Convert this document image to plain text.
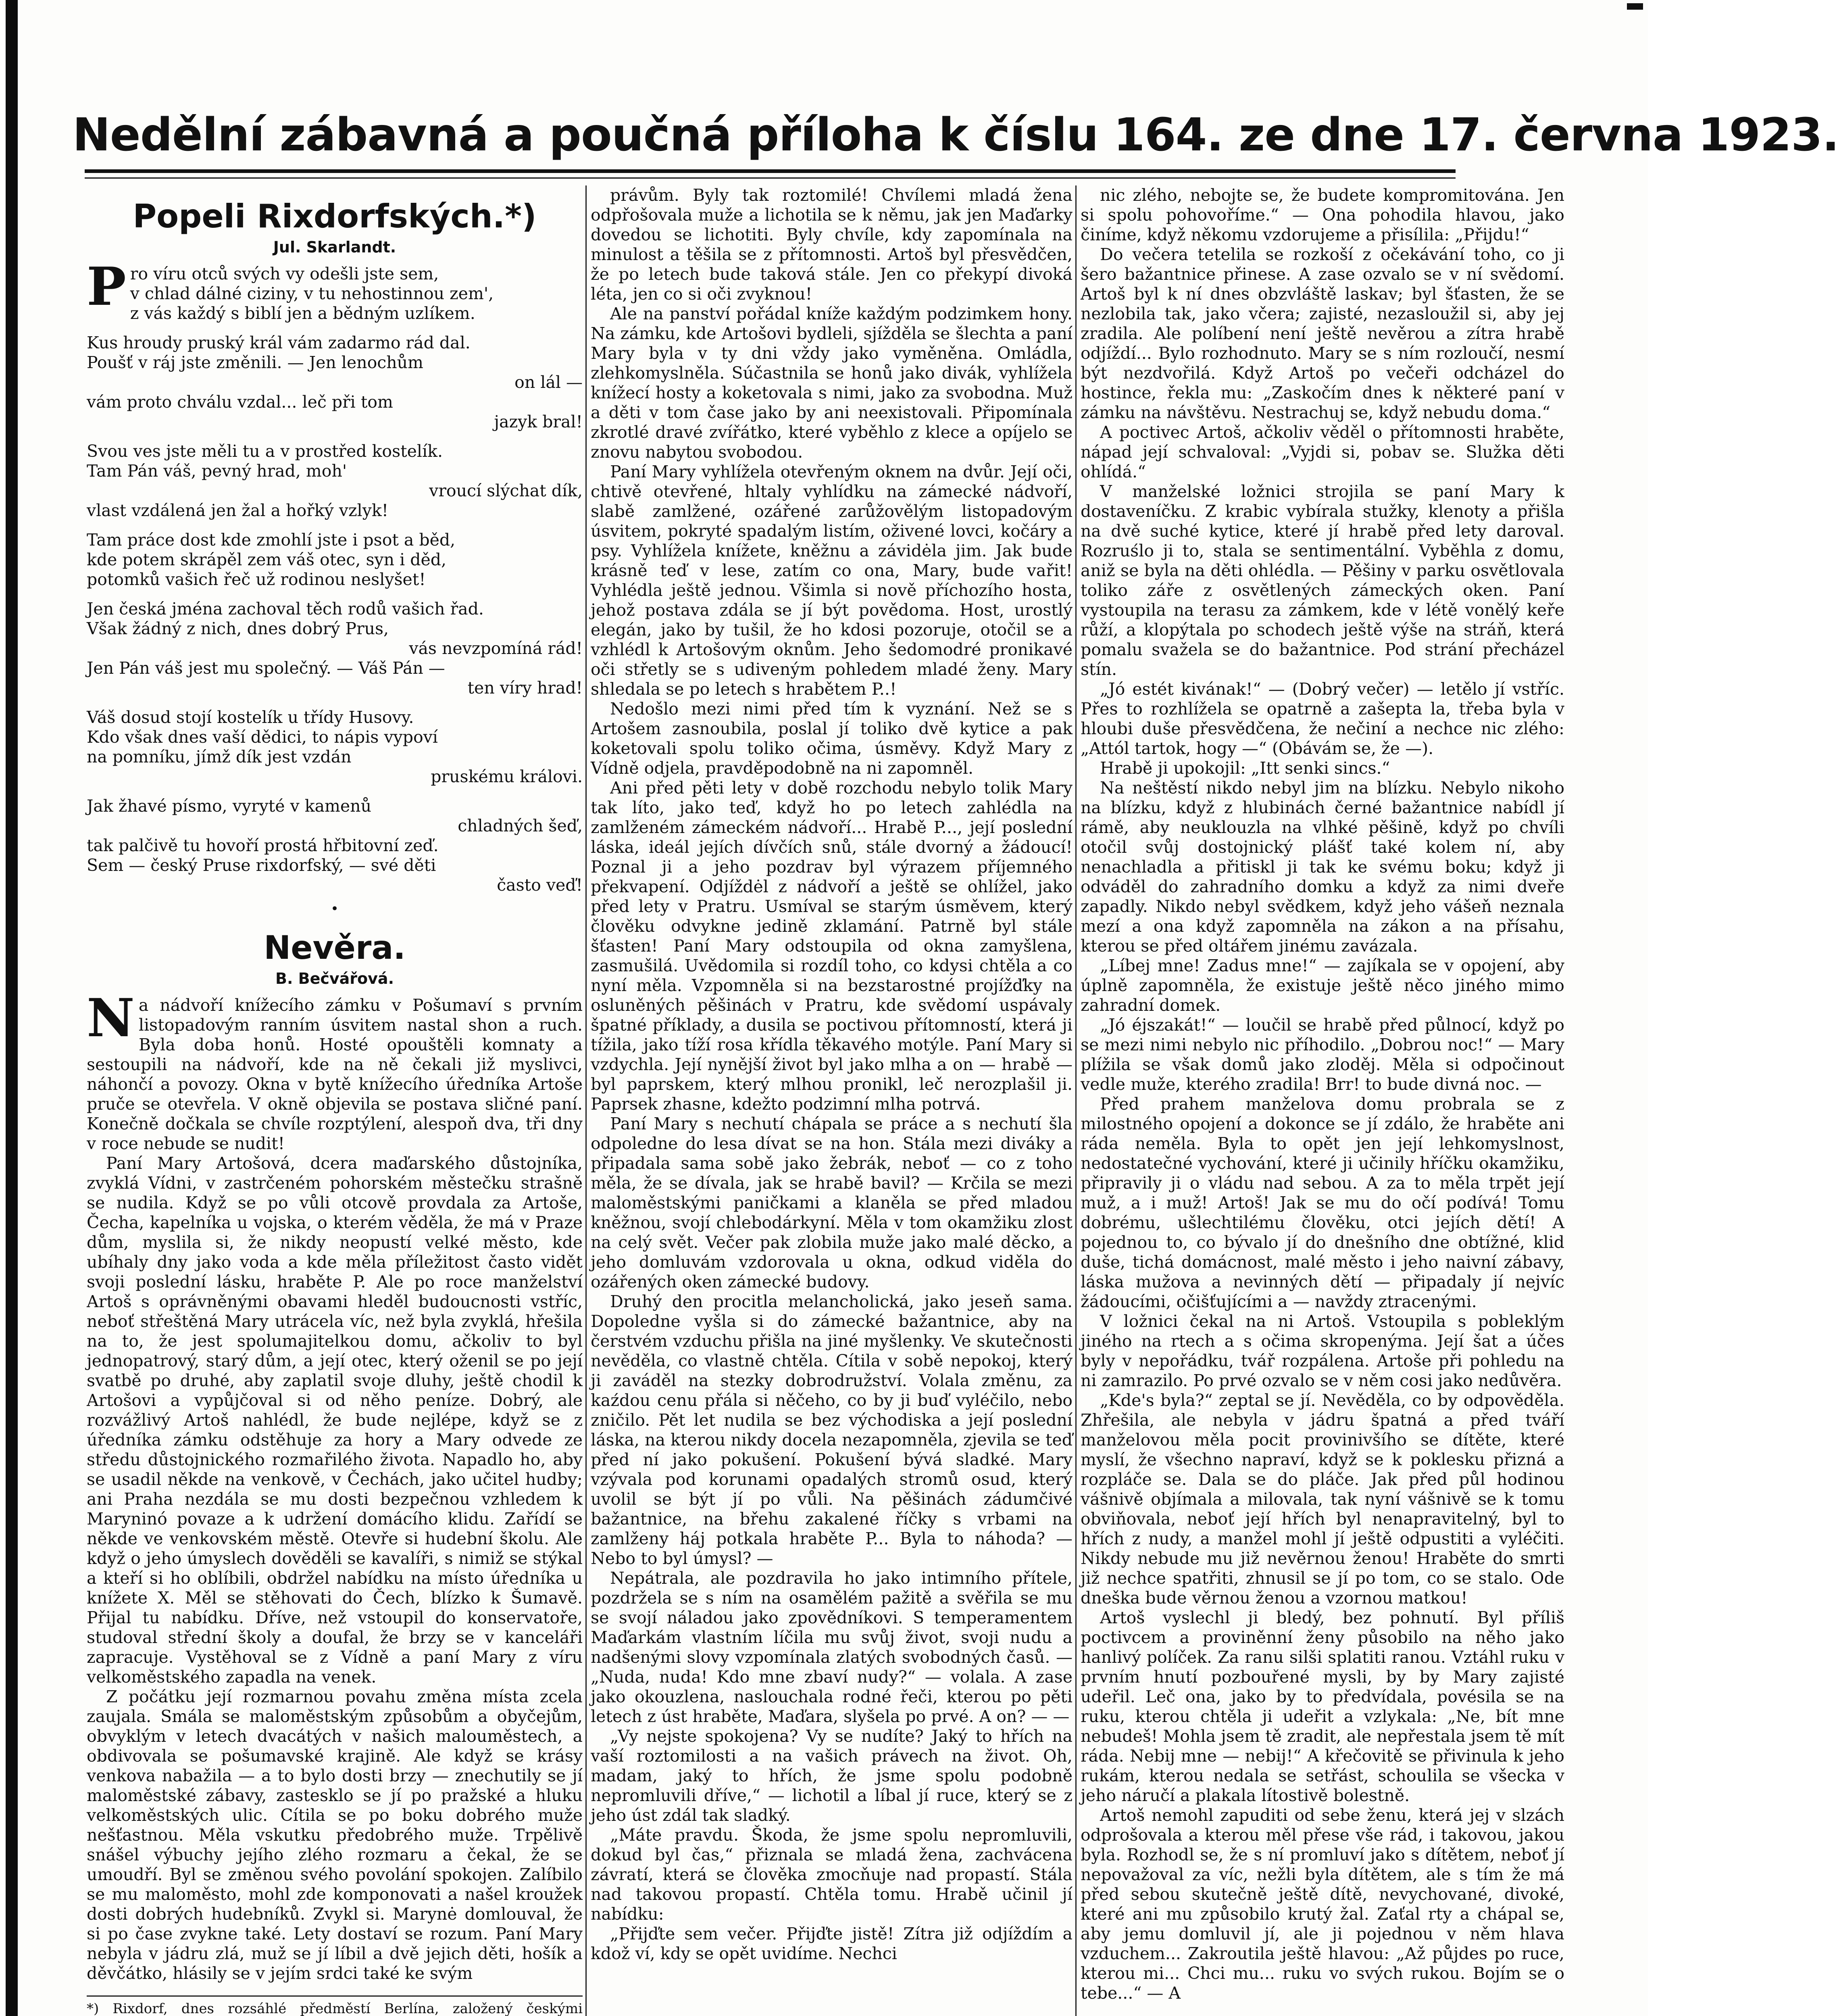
Nedělní zábavná a poučná příloha k číslu 164. ze dne 17. června 1923.
Popeli Rixdorfských.*)
Jul. Skarlandt.
P ro víru otců svých vy odešli jste sem,
v chlad dálné ciziny, v tu nehostinnou zem',
z vás každý s biblí jen a bědným uzlíkem.
Kus hroudy pruský král vám zadarmo rád dal.
Poušť v ráj jste změnili. — Jen lenochům
on lál —
vám proto chválu vzdal... leč při tom
jazyk bral!
Svou ves jste měli tu a v prostřed kostelík.
Tam Pán váš, pevný hrad, moh'
vroucí slýchat dík,
vlast vzdálená jen žal a hořký vzlyk!
Tam práce dost kde zmohlí jste i psot a běd,
kde potem skrápěl zem váš otec, syn i děd,
potomků vašich řeč už rodinou neslyšet!
Jen česká jména zachoval těch rodů vašich řad.
Však žádný z nich, dnes dobrý Prus,
vás nevzpomíná rád!
Jen Pán váš jest mu společný. — Váš Pán —
ten víry hrad!
Váš dosud stojí kostelík u třídy Husovy.
Kdo však dnes vaší dědici, to nápis vypoví
na pomníku, jímž dík jest vzdán
pruskému královi.
Jak žhavé písmo, vyryté v kamenů
chladných šeď,
tak palčivě tu hovoří prostá hřbitovní zeď.
Sem — český Pruse rixdorfský, — své děti
často veď!
•
Nevěra.
B. Bečvářová.
N a nádvoří knížecího zámku v Pošumaví s prvním listopadovým ranním úsvitem nastal shon a ruch. Byla doba honů. Hosté opouštěli komnaty a sestoupili na nádvoří, kde na ně čekali již myslivci, náhončí a povozy. Okna v bytě knížecího úředníka Artoše pruče se otevřela. V okně objevila se postava sličné paní. Konečně dočkala se chvíle rozptýlení, alespoň dva, tři dny v roce nebude se nudit!

Paní Mary Artošová, dcera maďarského důstojníka, zvyklá Vídni, v zastrčeném pohorském městečku strašně se nudila. Když se po vůli otcově provdala za Artoše, Čecha, kapelníka u vojska, o kterém věděla, že má v Praze dům, myslila si, že nikdy neopustí velké město, kde ubíhaly dny jako voda a kde měla příležitost často vidět svoji poslední lásku, hraběte P. Ale po roce manželství Artoš s oprávněnými obavami hleděl budoucnosti vstříc, neboť střeštěná Mary utrácela víc, než byla zvyklá, hřešila na to, že jest spolumajitelkou domu, ačkoliv to byl jednopatrový, starý dům, a její otec, který oženil se po její svatbě po druhé, aby zaplatil svoje dluhy, ještě chodil k Artošovi a vypůjčoval si od něho peníze. Dobrý, ale rozvážlivý Artoš nahlédl, že bude nejlépe, když se z úředníka zámku odstěhuje za hory a Mary odvede ze středu důstojnického rozmařilého života. Napadlo ho, aby se usadil někde na venkově, v Čechách, jako učitel hudby; ani Praha nezdála se mu dosti bezpečnou vzhledem k Maryninó povaze a k udržení domácího klidu. Zařídí se někde ve venkovském městě. Otevře si hudební školu. Ale když o jeho úmyslech dověděli se kavalíři, s nimiž se stýkal a kteří si ho oblíbili, obdržel nabídku na místo úředníka u knížete X. Měl se stěhovati do Čech, blízko k Šumavě. Přijal tu nabídku. Dříve, než vstoupil do konservatoře, studoval střední školy a doufal, že brzy se v kanceláři zapracuje. Vystěhoval se z Vídně a paní Mary z víru velkoměstského zapadla na venek.

Z počátku její rozmarnou povahu změna místa zcela zaujala. Smála se maloměstským způsobům a obyčejům, obvyklým v letech dvacátých v našich malouměstech, a obdivovala se pošumavské krajině. Ale když se krásy venkova nabažila — a to bylo dosti brzy — znechutily se jí maloměstské zábavy, zastesklo se jí po pražské a hluku velkoměstských ulic. Cítila se po boku dobrého muže nešťastnou. Měla vskutku předobrého muže. Trpělivě snášel výbuchy jejího zlého rozmaru a čekal, že se umoudří. Byl se změnou svého povolání spokojen. Zalíbilo se mu maloměsto, mohl zde komponovati a našel kroužek dosti dobrých hudebníků. Zvykl si. Marynė domlouval, že si po čase zvykne také. Lety dostaví se rozum. Paní Mary nebyla v jádru zlá, muž se jí líbil a dvě jejich děti, hošík a děvčátko, hlásily se v jejím srdci také ke svým

*) Rixdorf, dnes rozsáhlé předměstí Berlína, založený českými

právům. Byly tak roztomilé! Chvílemi mladá žena odpřošovala muže a lichotila se k němu, jak jen Maďarky dovedou se lichotiti. Byly chvíle, kdy zapomínala na minulost a těšila se z přítomnosti. Artoš byl přesvědčen, že po letech bude taková stále. Jen co překypí divoká léta, jen co si oči zvyknou!

Ale na panství pořádal kníže každým podzimkem hony. Na zámku, kde Artošovi bydleli, sjížděla se šlechta a paní Mary byla v ty dni vždy jako vyměněna. Omládla, zlehkomyslněla. Súčastnila se honů jako divák, vyhlížela knížecí hosty a koketovala s nimi, jako za svobodna. Muž a děti v tom čase jako by ani neexistovali. Připomínala zkrotlé dravé zvířátko, které vyběhlo z klece a opíjelo se znovu nabytou svobodou.

Paní Mary vyhlížela otevřeným oknem na dvůr. Její oči, chtivě otevřené, hltaly vyhlídku na zámecké nádvoří, slabě zamlžené, ozářené zarůžovělým listopadovým úsvitem, pokryté spadalým listím, oživené lovci, kočáry a psy. Vyhlížela knížete, kněžnu a závidėla jim. Jak bude krásně teď v lese, zatím co ona, Mary, bude vařit! Vyhlédla ještě jednou. Všimla si nově příchozího hosta, jehož postava zdála se jí být povědoma. Host, urostlý elegán, jako by tušil, že ho kdosi pozoruje, otočil se a vzhlédl k Artošovým oknům. Jeho šedomodré pronikavé oči střetly se s udiveným pohledem mladé ženy. Mary shledala se po letech s hrabětem P..!

Nedošlo mezi nimi před tím k vyznání. Než se s Artošem zasnoubila, poslal jí toliko dvě kytice a pak koketovali spolu toliko očima, úsměvy. Když Mary z Vídně odjela, pravděpodobně na ni zapomněl.

Ani před pěti lety v době rozchodu nebylo tolik Mary tak líto, jako teď, když ho po letech zahlédla na zamlženém zámeckém nádvoří... Hrabě P..., její poslední láska, ideál jejích dívčích snů, stále dvorný a žádoucí! Poznal ji a jeho pozdrav byl výrazem příjemného překvapení. Odjíždėl z nádvoří a ještě se ohlížel, jako před lety v Pratru. Usmíval se starým úsměvem, který člověku odvykne jedině zklamání. Patrně byl stále šťasten! Paní Mary odstoupila od okna zamyšlena, zasmušilá. Uvědomila si rozdíl toho, co kdysi chtěla a co nyní měla. Vzpomněla si na bezstarostné projížďky na osluněných pěšinách v Pratru, kde svědomí uspávaly špatné příklady, a dusila se poctivou přítomností, která ji tížila, jako tíží rosa křídla těkavého motýle. Paní Mary si vzdychla. Její nynější život byl jako mlha a on — hrabě — byl paprskem, který mlhou pronikl, leč nerozplašil ji. Paprsek zhasne, kdežto podzimní mlha potrvá.

Paní Mary s nechutí chápala se práce a s nechutí šla odpoledne do lesa dívat se na hon. Stála mezi diváky a připadala sama sobě jako žebrák, neboť — co z toho měla, že se dívala, jak se hrabě bavil? — Krčila se mezi maloměstskými paničkami a klaněla se před mladou kněžnou, svojí chlebodárkyní. Měla v tom okamžiku zlost na celý svět. Večer pak zlobila muže jako malé děcko, a jeho domluvám vzdorovala u okna, odkud viděla do ozářených oken zámecké budovy.

Druhý den procitla melancholická, jako jeseň sama. Dopoledne vyšla si do zámecké bažantnice, aby na čerstvém vzduchu přišla na jiné myšlenky. Ve skutečnosti nevěděla, co vlastně chtěla. Cítila v sobě nepokoj, který ji zaváděl na stezky dobrodružství. Volala změnu, za kaźdou cenu přála si něčeho, co by ji buď vyléčilo, nebo zničilo. Pět let nudila se bez východiska a její poslední láska, na kterou nikdy docela nezapomněla, zjevila se teď před ní jako pokušení. Pokušení bývá sladké. Mary vzývala pod korunami opadalých stromů osud, který uvolil se být jí po vůli. Na pěšinách zádumčivé bažantnice, na břehu zakalené říčky s vrbami na zamlženy háj potkala hraběte P... Byla to náhoda? — Nebo to byl úmysl? —

Nepátrala, ale pozdravila ho jako intimního přítele, pozdržela se s ním na osamělém pažitě a svěřila se mu se svojí náladou jako zpovědníkovi. S temperamentem Maďarkám vlastním líčila mu svůj život, svoji nudu a nadšenými slovy vzpomínala zlatých svobodných časů. — „Nuda, nuda! Kdo mne zbaví nudy?“ — volala. A zase jako okouzlena, naslouchala rodné řeči, kterou po pěti letech z úst hraběte, Maďara, slyšela po prvé. A on? — —

„Vy nejste spokojena? Vy se nudíte? Jaký to hřích na vaší roztomilosti a na vašich právech na život. Oh, madam, jaký to hřích, že jsme spolu podobně nepromluvili dříve,“ — lichotil a líbal jí ruce, který se z jeho úst zdál tak sladký.

„Máte pravdu. Škoda, že jsme spolu nepromluvili, dokud byl čas,“ přiznala se mladá žena, zachvácena závratí, která se člověka zmocňuje nad propastí. Stála nad takovou propastí. Chtěla tomu. Hrabě učinil jí nabídku:

„Přijďte sem večer. Přijďte jistě! Zítra již odjíždím a kdož ví, kdy se opět uvidíme. Nechci

nic zlého, nebojte se, že budete kompromitována. Jen si spolu pohovoříme.“ — Ona pohodila hlavou, jako činíme, když někomu vzdorujeme a přisílila: „Přijdu!“

Do večera tetelila se rozkoší z očekávání toho, co ji šero bažantnice přinese. A zase ozvalo se v ní svědomí. Artoš byl k ní dnes obzvláště laskav; byl šťasten, že se nezlobila tak, jako včera; zajisté, nezasloužil si, aby jej zradila. Ale políbení není ještě nevěrou a zítra hrabě odjíždí... Bylo rozhodnuto. Mary se s ním rozloučí, nesmí být nezdvořilá. Když Artoš po večeři odcházel do hostince, řekla mu: „Zaskočím dnes k některé paní v zámku na návštěvu. Nestrachuj se, když nebudu doma.“

A poctivec Artoš, ačkoliv věděl o přítomnosti hraběte, nápad její schvaloval: „Vyjdi si, pobav se. Služka děti ohlídá.“

V manželské ložnici strojila se paní Mary k dostaveníčku. Z krabic vybírala stužky, klenoty a přišla na dvě suché kytice, které jí hrabě před lety daroval. Rozruślo ji to, stala se sentimentální. Vyběhla z domu, aniž se byla na děti ohlédla. — Pěšiny v parku osvětlovala toliko záře z osvětlených zámeckých oken. Paní vystoupila na terasu za zámkem, kde v létě vonělý keře růží, a klopýtala po schodech ještě výše na stráň, která pomalu svažela se do bažantnice. Pod strání přecházel stín.

„Jó estét kivának!“ — (Dobrý večer) — letělo jí vstříc. Přes to rozhlížela se opatrně a zašepta la, třeba byla v hloubi duše přesvědčena, že nečiní a nechce nic zlého: „Attól tartok, hogy —“ (Obávám se, že —).

Hrabě ji upokojil: „Itt senki sincs.“

Na neštěstí nikdo nebyl jim na blízku. Nebylo nikoho na blízku, když z hlubinách černé bažantnice nabídl jí rámě, aby neuklouzla na vlhké pěšině, když po chvíli otočil svůj dostojnický plášť také kolem ní, aby nenachladla a přitiskl ji tak ke svému boku; když ji odváděl do zahradního domku a když za nimi dveře zapadly. Nikdo nebyl svědkem, když jeho vášeň neznala mezí a ona když zapomněla na zákon a na přísahu, kterou se před oltářem jinému zavázala.

„Líbej mne! Zadus mne!“ — zajíkala se v opojení, aby úplně zapomněla, že existuje ještě něco jiného mimo zahradní domek.

„Jó éjszakát!“ — loučil se hrabě před půlnocí, když po se mezi nimi nebylo nic příhodilo. „Dobrou noc!“ — Mary plížila se však domů jako zloděj. Měla si odpočinout vedle muže, kterého zradila! Brr! to bude divná noc. —

Před prahem manželova domu probrala se z milostného opojení a dokonce se jí zdálo, že hraběte ani ráda neměla. Byla to opět jen její lehkomyslnost, nedostatečné vychování, které ji učinily hříčku okamžiku, připravily ji o vládu nad sebou. A za to měla trpět její muž, a i muž! Artoš! Jak se mu do očí podívá! Tomu dobrému, ušlechtilému člověku, otci jejích dětí! A pojednou to, co bývalo jí do dnešního dne obtížné, klid duše, tichá domácnost, malé město i jeho naivní zábavy, láska mužova a nevinných dětí — připadaly jí nejvíc žádoucími, očišťujícími a — navždy ztracenými.

V ložnici čekal na ni Artoš. Vstoupila s pobleklým jiného na rtech a s očima skropenýma. Její šat a účes byly v nepořádku, tvář rozpálena. Artoše při pohledu na ni zamrazilo. Po prvé ozvalo se v něm cosi jako nedůvěra.

„Kde's byla?“ zeptal se jí. Nevěděla, co by odpověděla. Zhřešila, ale nebyla v jádru špatná a před tváří manželovou měla pocit provinivšího se dítěte, které myslí, že všechno napraví, když se k poklesku přizná a rozpláče se. Dala se do pláče. Jak před půl hodinou vášnivě objímala a milovala, tak nyní vášnivě se k tomu obviňovala, neboť její hřích byl nenapravitelný, byl to hřích z nudy, a manžel mohl jí ještě odpustiti a vyléčiti. Nikdy nebude mu již nevěrnou ženou! Hraběte do smrti již nechce spatřiti, zhnusil se jí po tom, co se stalo. Ode dneška bude věrnou ženou a vzornou matkou!

Artoš vyslechl ji bledý, bez pohnutí. Byl příliš poctivcem a proviněnní ženy působilo na něho jako hanlivý políček. Za ranu silši splatiti ranou. Vztáhl ruku v prvním hnutí pozbouřené mysli, by by Mary zajisté udeřil. Leč ona, jako by to předvídala, povésila se na ruku, kterou chtěla ji udeřit a vzlykala: „Ne, bít mne nebudeš! Mohla jsem tě zradit, ale nepřestala jsem tě mít ráda. Nebij mne — nebij!“ A křečovitě se přivinula k jeho rukám, kterou nedala se setřást, schoulila se všecka v jeho náručí a plakala lítostivě bolestně.

Artoš nemohl zapuditi od sebe ženu, která jej v slzách odprošovala a kterou měl přese vše rád, i takovou, jakou byla. Rozhodl se, že s ní promluví jako s dítětem, neboť jí nepovažoval za víc, nežli byla dítětem, ale s tím že má před sebou skutečně ještě dítě, nevychované, divoké, které ani mu způsobilo krutý žal. Zaťal rty a chápal se, aby jemu domluvil jí, ale ji pojednou v něm hlava vzduchem... Zakroutila ještě hlavou: „Až půjdes po ruce, kterou mi... Chci mu... ruku vo svých rukou. Bojím se o tebe...“ — A
